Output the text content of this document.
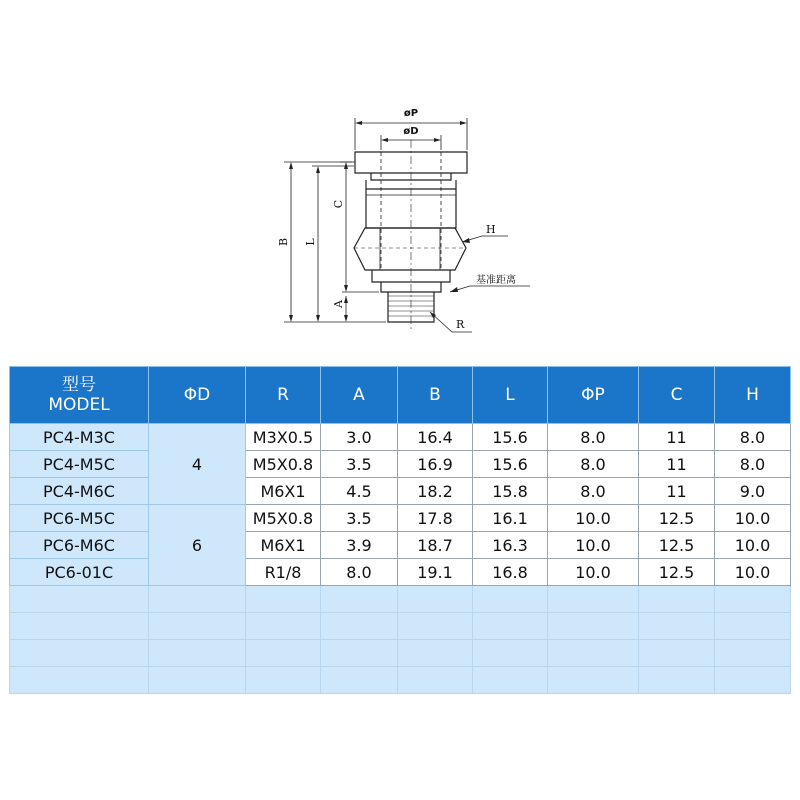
øP
øD
B L
C
A
H
基准距离
R
型号
MODEL	ΦD	R	A	B	L	ΦP	C	H
PC4-M3C	4	M3X0.5	3.0	16.4	15.6	8.0	11	8.0
PC4-M5C		M5X0.8	3.5	16.9	15.6	8.0	11	8.0
PC4-M6C		M6X1	4.5	18.2	15.8	8.0	11	9.0
PC6-M5C	6	M5X0.8	3.5	17.8	16.1	10.0	12.5	10.0
PC6-M6C		M6X1	3.9	18.7	16.3	10.0	12.5	10.0
PC6-01C		R1/8	8.0	19.1	16.8	10.0	12.5	10.0
